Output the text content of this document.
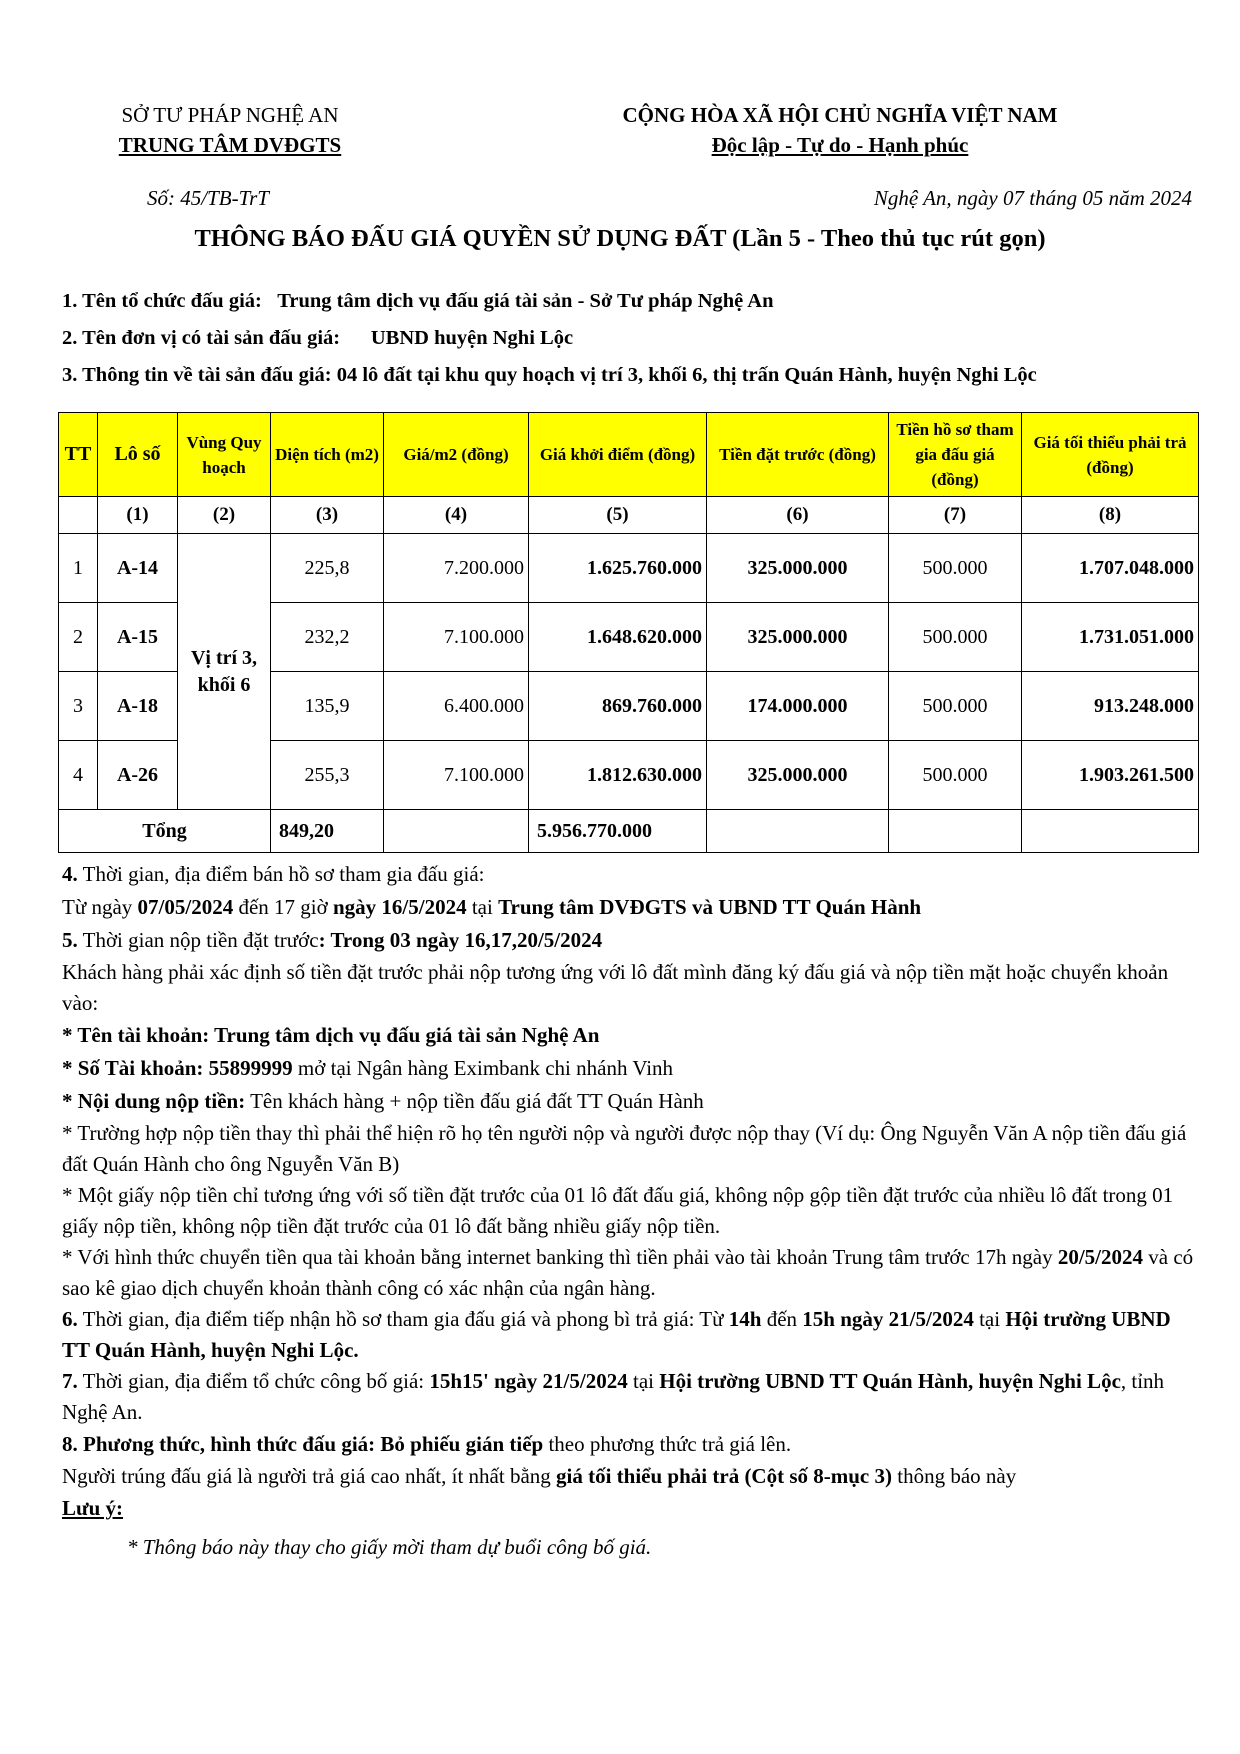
SỞ TƯ PHÁP NGHỆ AN
TRUNG TÂM DVĐGTS
CỘNG HÒA XÃ HỘI CHỦ NGHĨA VIỆT NAM
Độc lập - Tự do - Hạnh phúc
Số: 45/TB-TrT	Nghệ An, ngày 07 tháng 05 năm 2024
THÔNG BÁO ĐẤU GIÁ QUYỀN SỬ DỤNG ĐẤT (Lần 5 - Theo thủ tục rút gọn)
1. Tên tổ chức đấu giá: Trung tâm dịch vụ đấu giá tài sản - Sở Tư pháp Nghệ An
2. Tên đơn vị có tài sản đấu giá: UBND huyện Nghi Lộc
3. Thông tin về tài sản đấu giá: 04 lô đất tại khu quy hoạch vị trí 3, khối 6, thị trấn Quán Hành, huyện Nghi Lộc
TT	Lô số	Vùng Quy hoạch	Diện tích (m2)	Giá/m2 (đồng)	Giá khởi điểm (đồng)	Tiền đặt trước (đồng)	Tiền hồ sơ tham gia đấu giá (đồng)	Giá tối thiểu phải trả (đồng)
	(1)	(2)	(3)	(4)	(5)	(6)	(7)	(8)
1	A-14	Vị trí 3, khối 6	225,8	7.200.000	1.625.760.000	325.000.000	500.000	1.707.048.000
2	A-15		232,2	7.100.000	1.648.620.000	325.000.000	500.000	1.731.051.000
3	A-18		135,9	6.400.000	869.760.000	174.000.000	500.000	913.248.000
4	A-26		255,3	7.100.000	1.812.630.000	325.000.000	500.000	1.903.261.500
Tổng			849,20		5.956.770.000			

4. Thời gian, địa điểm bán hồ sơ tham gia đấu giá:

Từ ngày 07/05/2024 đến 17 giờ ngày 16/5/2024 tại Trung tâm DVĐGTS và UBND TT Quán Hành

5. Thời gian nộp tiền đặt trước: Trong 03 ngày 16,17,20/5/2024

Khách hàng phải xác định số tiền đặt trước phải nộp tương ứng với lô đất mình đăng ký đấu giá và nộp tiền mặt hoặc chuyển khoản vào:

* Tên tài khoản: Trung tâm dịch vụ đấu giá tài sản Nghệ An

* Số Tài khoản: 55899999 mở tại Ngân hàng Eximbank chi nhánh Vinh

* Nội dung nộp tiền: Tên khách hàng + nộp tiền đấu giá đất TT Quán Hành

* Trường hợp nộp tiền thay thì phải thể hiện rõ họ tên người nộp và người được nộp thay (Ví dụ: Ông Nguyễn Văn A nộp tiền đấu giá đất Quán Hành cho ông Nguyễn Văn B)

* Một giấy nộp tiền chỉ tương ứng với số tiền đặt trước của 01 lô đất đấu giá, không nộp gộp tiền đặt trước của nhiều lô đất trong 01 giấy nộp tiền, không nộp tiền đặt trước của 01 lô đất bằng nhiều giấy nộp tiền.

* Với hình thức chuyển tiền qua tài khoản bằng internet banking thì tiền phải vào tài khoản Trung tâm trước 17h ngày 20/5/2024 và có sao kê giao dịch chuyển khoản thành công có xác nhận của ngân hàng.

6. Thời gian, địa điểm tiếp nhận hồ sơ tham gia đấu giá và phong bì trả giá: Từ 14h đến 15h ngày 21/5/2024 tại Hội trường UBND TT Quán Hành, huyện Nghi Lộc.

7. Thời gian, địa điểm tổ chức công bố giá: 15h15' ngày 21/5/2024 tại Hội trường UBND TT Quán Hành, huyện Nghi Lộc, tỉnh Nghệ An.

8. Phương thức, hình thức đấu giá: Bỏ phiếu gián tiếp theo phương thức trả giá lên.

Người trúng đấu giá là người trả giá cao nhất, ít nhất bằng giá tối thiểu phải trả (Cột số 8-mục 3) thông báo này

Lưu ý:

* Thông báo này thay cho giấy mời tham dự buổi công bố giá.
